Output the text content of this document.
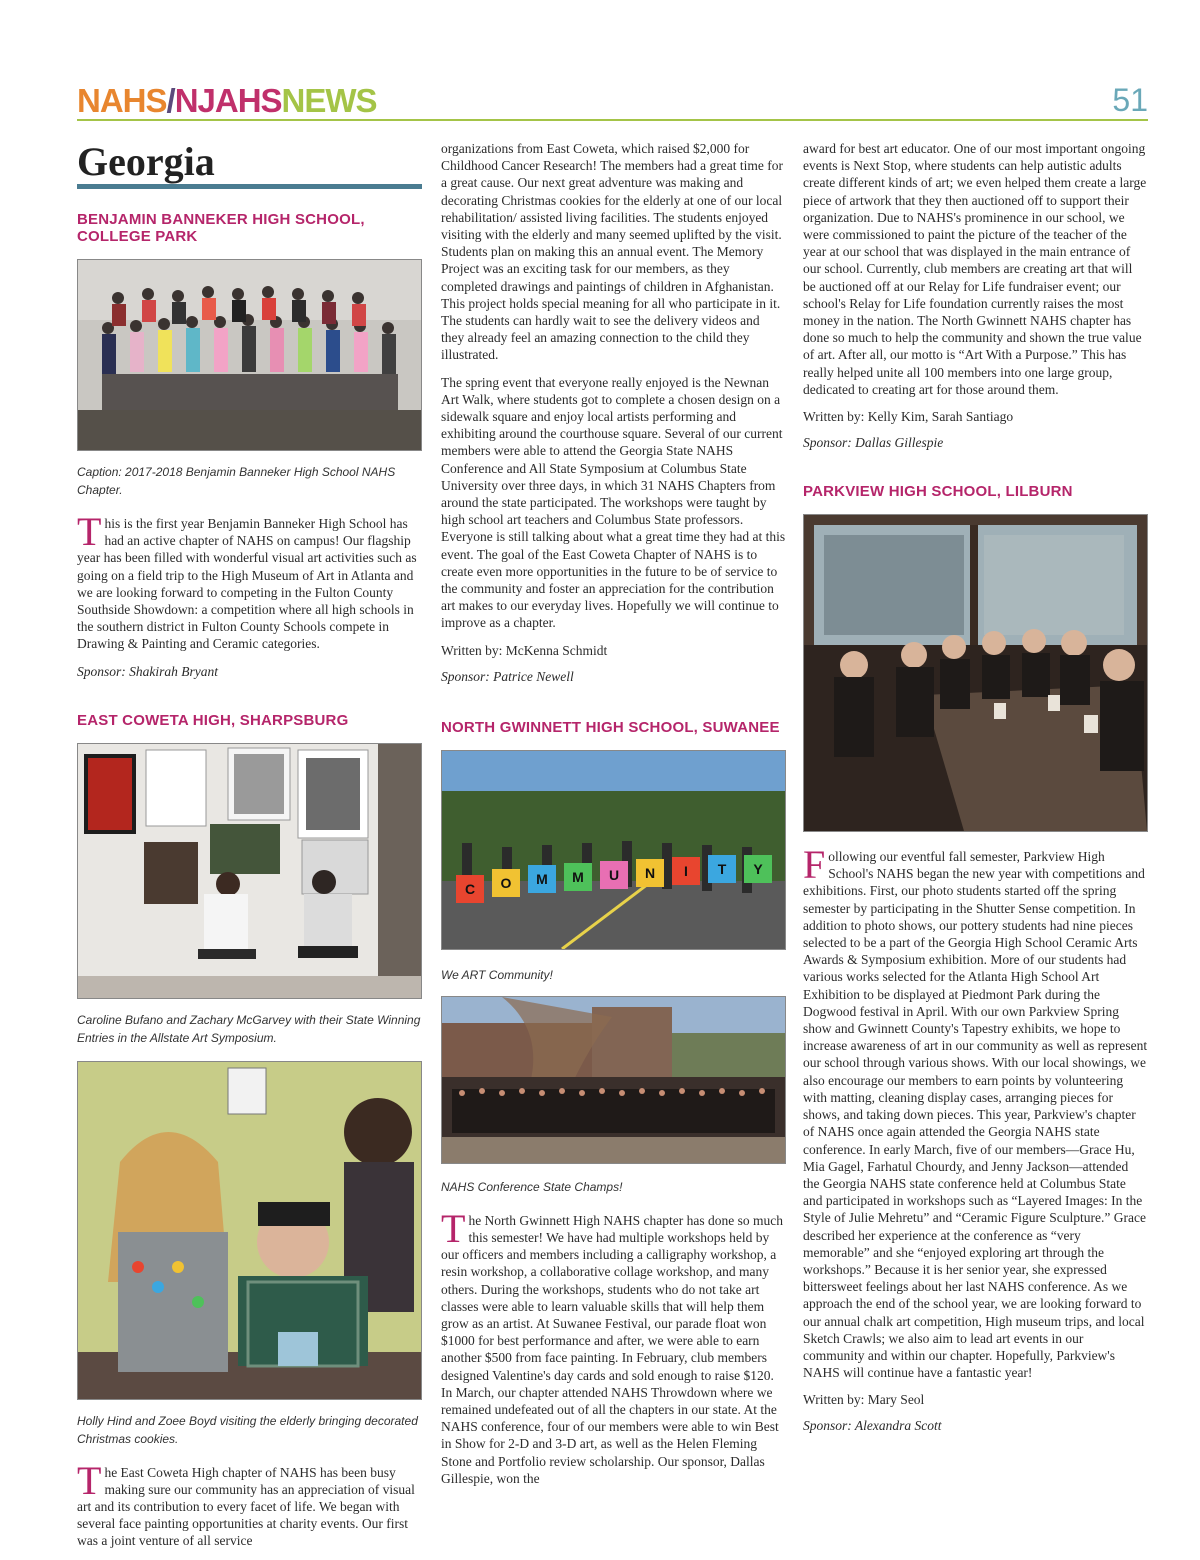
NAHS/NJAHSNEWS	51
Georgia
BENJAMIN BANNEKER HIGH SCHOOL, COLLEGE PARK

Caption: 2017-2018 Benjamin Banneker High School NAHS Chapter.

This is the first year Benjamin Banneker High School has had an active chapter of NAHS on campus! Our flagship year has been filled with wonderful visual art activities such as going on a field trip to the High Museum of Art in Atlanta and we are looking forward to competing in the Fulton County Southside Showdown: a competition where all high schools in the southern district in Fulton County Schools compete in Drawing & Painting and Ceramic categories.

Sponsor: Shakirah Bryant

EAST COWETA HIGH, SHARPSBURG

Caroline Bufano and Zachary McGarvey with their State Winning Entries in the Allstate Art Symposium.

Holly Hind and Zoee Boyd visiting the elderly bringing decorated Christmas cookies.

The East Coweta High chapter of NAHS has been busy making sure our community has an appreciation of visual art and its contribution to every facet of life. We began with several face painting opportunities at charity events. Our first was a joint venture of all service

organizations from East Coweta, which raised $2,000 for Childhood Cancer Research! The members had a great time for a great cause. Our next great adventure was making and decorating Christmas cookies for the elderly at one of our local rehabilitation/ assisted living facilities. The students enjoyed visiting with the elderly and many seemed uplifted by the visit. Students plan on making this an annual event. The Memory Project was an exciting task for our members, as they completed drawings and paintings of children in Afghanistan. This project holds special meaning for all who participate in it. The students can hardly wait to see the delivery videos and they already feel an amazing connection to the child they illustrated.

The spring event that everyone really enjoyed is the Newnan Art Walk, where students got to complete a chosen design on a sidewalk square and enjoy local artists performing and exhibiting around the courthouse square. Several of our current members were able to attend the Georgia State NAHS Conference and All State Symposium at Columbus State University over three days, in which 31 NAHS Chapters from around the state participated. The workshops were taught by high school art teachers and Columbus State professors. Everyone is still talking about what a great time they had at this event. The goal of the East Coweta Chapter of NAHS is to create even more opportunities in the future to be of service to the community and foster an appreciation for the contribution art makes to our everyday lives. Hopefully we will continue to improve as a chapter.

Written by: McKenna Schmidt

Sponsor: Patrice Newell

NORTH GWINNETT HIGH SCHOOL, SUWANEE
C O M M U N I T Y

We ART Community!

NAHS Conference State Champs!

The North Gwinnett High NAHS chapter has done so much this semester! We have had multiple workshops held by our officers and members including a calligraphy workshop, a resin workshop, a collaborative collage workshop, and many others. During the workshops, students who do not take art classes were able to learn valuable skills that will help them grow as an artist. At Suwanee Festival, our parade float won $1000 for best performance and after, we were able to earn another $500 from face painting. In February, club members designed Valentine's day cards and sold enough to raise $120. In March, our chapter attended NAHS Throwdown where we remained undefeated out of all the chapters in our state. At the NAHS conference, four of our members were able to win Best in Show for 2-D and 3-D art, as well as the Helen Fleming Stone and Portfolio review scholarship. Our sponsor, Dallas Gillespie, won the

award for best art educator. One of our most important ongoing events is Next Stop, where students can help autistic adults create different kinds of art; we even helped them create a large piece of artwork that they then auctioned off to support their organization. Due to NAHS's prominence in our school, we were commissioned to paint the picture of the teacher of the year at our school that was displayed in the main entrance of our school. Currently, club members are creating art that will be auctioned off at our Relay for Life fundraiser event; our school's Relay for Life foundation currently raises the most money in the nation. The North Gwinnett NAHS chapter has done so much to help the community and shown the true value of art. After all, our motto is “Art With a Purpose.” This has really helped unite all 100 members into one large group, dedicated to creating art for those around them.

Written by: Kelly Kim, Sarah Santiago

Sponsor: Dallas Gillespie

PARKVIEW HIGH SCHOOL, LILBURN

Following our eventful fall semester, Parkview High School's NAHS began the new year with competitions and exhibitions. First, our photo students started off the spring semester by participating in the Shutter Sense competition. In addition to photo shows, our pottery students had nine pieces selected to be a part of the Georgia High School Ceramic Arts Awards & Symposium exhibition. More of our students had various works selected for the Atlanta High School Art Exhibition to be displayed at Piedmont Park during the Dogwood festival in April. With our own Parkview Spring show and Gwinnett County's Tapestry exhibits, we hope to increase awareness of art in our community as well as represent our school through various shows. With our local showings, we also encourage our members to earn points by volunteering with matting, cleaning display cases, arranging pieces for shows, and taking down pieces. This year, Parkview's chapter of NAHS once again attended the Georgia NAHS state conference. In early March, five of our members—Grace Hu, Mia Gagel, Farhatul Chourdy, and Jenny Jackson—attended the Georgia NAHS state conference held at Columbus State and participated in workshops such as “Layered Images: In the Style of Julie Mehretu” and “Ceramic Figure Sculpture.” Grace described her experience at the conference as “very memorable” and she “enjoyed exploring art through the workshops.” Because it is her senior year, she expressed bittersweet feelings about her last NAHS conference. As we approach the end of the school year, we are looking forward to our annual chalk art competition, High museum trips, and local Sketch Crawls; we also aim to lead art events in our community and within our chapter. Hopefully, Parkview's NAHS will continue have a fantastic year!

Written by: Mary Seol

Sponsor: Alexandra Scott
